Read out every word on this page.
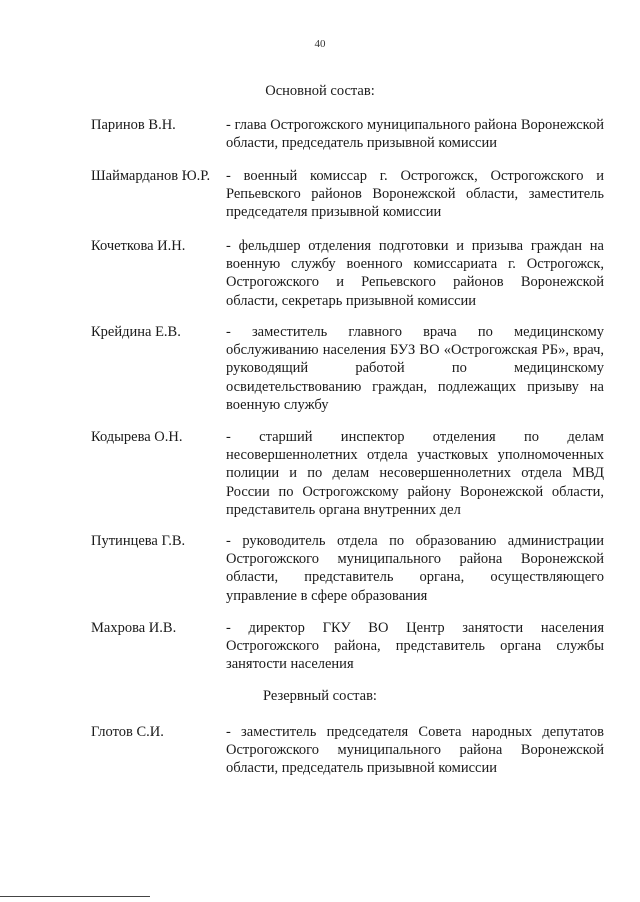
40
Основной состав:
Паринов В.Н.	- глава Острогожского муниципального района Воронежской области, председатель призывной комиссии
Шаймарданов Ю.Р.	- военный комиссар г. Острогожск, Острогожского и Репьевского районов Воронежской области, заместитель председателя призывной комиссии
Кочеткова И.Н.	- фельдшер отделения подготовки и призыва граждан на военную службу военного комиссариата г. Острогожск, Острогожского и Репьевского районов Воронежской области, секретарь призывной комиссии
Крейдина Е.В.	- заместитель главного врача по медицинскому обслуживанию населения БУЗ ВО «Острогожская РБ», врач, руководящий работой по медицинскому освидетельствованию граждан, подлежащих призыву на военную службу
Кодырева О.Н.	- старший инспектор отделения по делам несовершеннолетних отдела участковых уполномоченных полиции и по делам несовершеннолетних отдела МВД России по Острогожскому району Воронежской области, представитель органа внутренних дел
Путинцева Г.В.	- руководитель отдела по образованию администрации Острогожского муниципального района Воронежской области, представитель органа, осуществляющего управление в сфере образования
Махрова И.В.	- директор ГКУ ВО Центр занятости населения Острогожского района, представитель органа службы занятости населения
Резервный состав:
Глотов С.И.	- заместитель председателя Совета народных депутатов Острогожского муниципального района Воронежской области, председатель призывной комиссии
